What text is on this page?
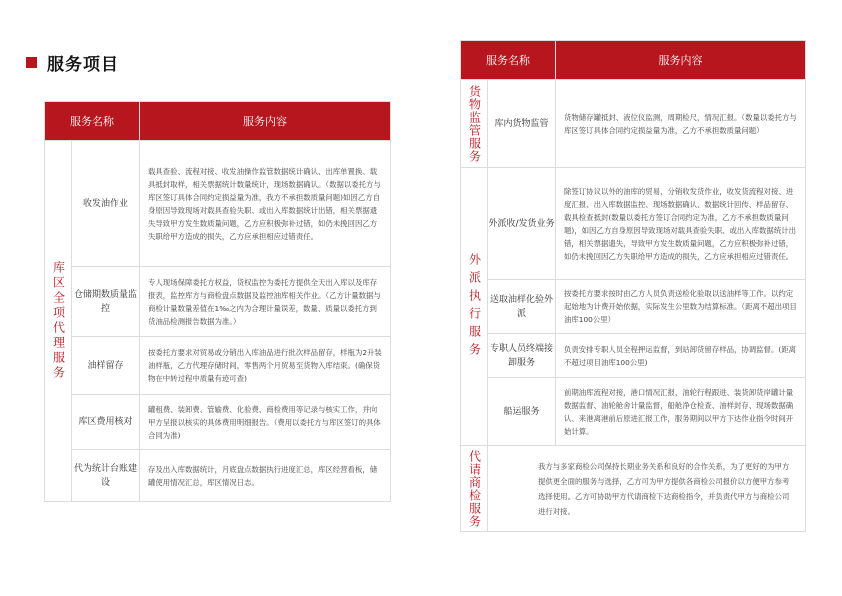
服务项目
服务名称		服务内容

库区全项代理服务	收发油作业	载具查验、流程对接、收发油操作监管数据统计确认、出库单置换、载具抵封取样，相关票据统计数量统计，现场数据确认。（数据以委托方与库区签订具体合同约定损益量为准，我方不承担数质量问题)如因乙方自身原因导致现场对载具查验失职、或出入库数据统计出错，相关票据遗失导致甲方发生数质量问题，乙方应积极弥补过错，如仍未挽回因乙方失职给甲方造成的损失，乙方应承担相应过错责任。
	仓储期数质量监控	专人现场保障委托方权益，货权监控为委托方提供全天出入库以及库存报表，监控库方与商检盘点数据及监控油库相关作业。（乙方计量数据与商检计量数量差值在1‰之内为合理计量误差，数量、质量以委托方到货油品检测报告数据为准。）
	油样留存	按委托方要求对贸易或分销出入库油品进行批次样品留存，样瓶为2升装油样瓶，乙方代理存储时间，零售两个月贸易至货物入库结束。(确保货物在中转过程中质量有迹可查)
	库区费用核对	罐租费、装卸费、管输费、化验费、商检费用等记录与核实工作，并向甲方呈报以核实的具体费用明细报告。（费用以委托方与库区签订的具体合同为准)
	代为统计台账建设	存及出入库数据统计，月底盘点数据执行进度汇总，库区经营看板，储罐使用情况汇总，库区情况日志。
服务名称		服务内容

货物监管服务	库内货物监管	货物储存罐抵封、液位仪监测，周期检尺，情况汇报。（数量以委托方与库区签订具体合同约定损益量为准，乙方不承担数质量问题）

外派执行服务	外派收/发货业务	除签订协议以外的油库的贸易，分销收发货作业，收发货流程对接、进度汇报、出入库数据监控、现场数据确认、数据统计回传、样品留存、载具检查抵封(数量以委托方签订合同约定为准，乙方不承担数质量问题)，如因乙方自身原因导致现场对载具查验失职、或出入库数据统计出错，相关票据遗失，导致甲方发生数质量问题，乙方应积极弥补过错，如仍未挽回因乙方失职给甲方造成的损失，乙方应承担相应过错责任。
	送取油样化验外派	按委托方要求按时由乙方人员负责送检化验取以送油样等工作。以约定起始地为计费开始依据，实际发生公里数为结算标准。（距离不超出项目油库100公里）
	专职人员终端接卸服务	负责安排专职人员全程押运监督，到站卸货留存样品，协调监督。(距离不超过项目油库100公里)
	船运服务	前期油库流程对接，港口情况汇报，油轮行程跟进、装货卸货岸罐计量数据监督、油轮舱舍计量监督，船舱净仓检查、油样封存、现场数据确认、来港离港前后原进汇报工作，服务期间以甲方下达作业指令时间开始计算。

代请商检服务	我方与多家商检公司保持长期业务关系和良好的合作关系，为了更好的为甲方提供更全面的服务与选择，乙方可为甲方提供各商检公司报价以方便甲方参考选择使用。乙方可协助甲方代请商检下达商检指令，并负责代甲方与商检公司进行对接。	
